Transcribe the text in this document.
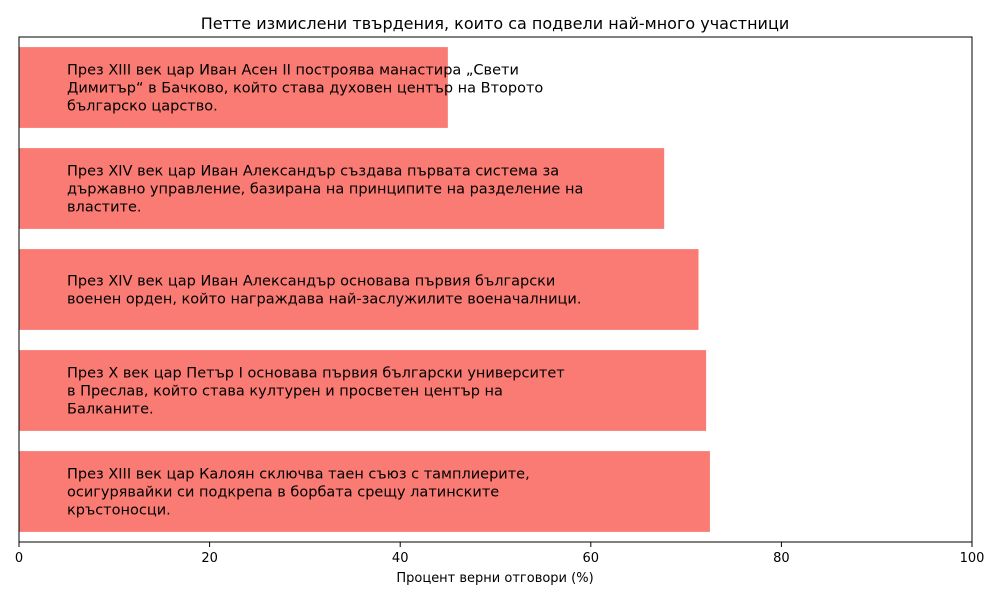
Петте измислени твърдения, които са подвели най-много участници
През XIII век цар Иван Асен II построява манастира „Свети Димитър“ в Бачково, който става духовен център на Второто българско царство.
През XIV век цар Иван Александър създава първата система за държавно управление, базирана на принципите на разделение на властите.
През XIV век цар Иван Александър основава първия български военен орден, който награждава най-заслужилите военачалници.
През X век цар Петър I основава първия български университет в Преслав, който става културен и просветен център на Балканите.
През XIII век цар Калоян сключва таен съюз с тамплиерите, осигурявайки си подкрепа в борбата срещу латинските кръстоносци.
0	20	40	60	80	100
Процент верни отговори (%)
